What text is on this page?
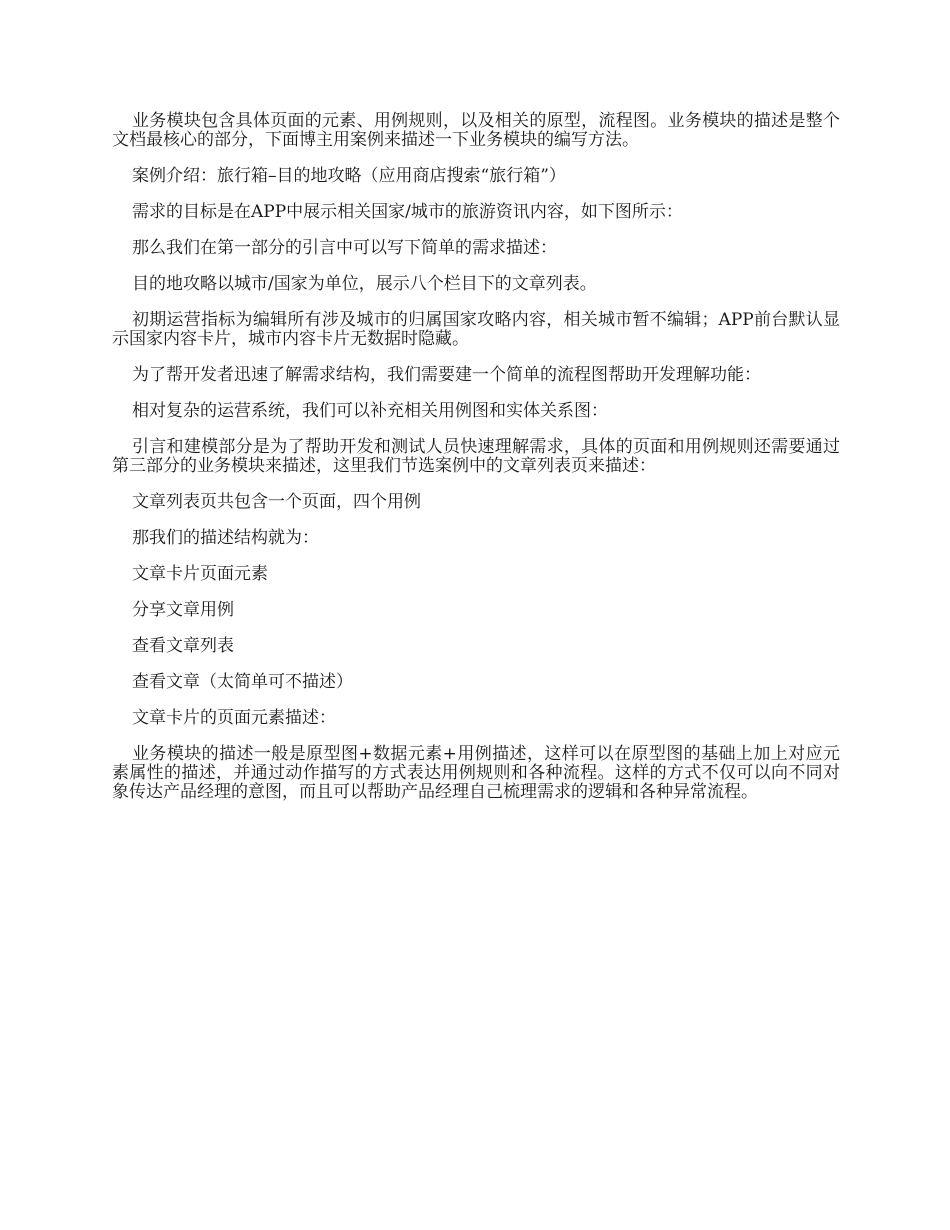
业务模块包含具体页面的元素、用例规则，以及相关的原型，流程图。业务模块的描述是整个文档最核心的部分，下面博主用案例来描述一下业务模块的编写方法。

案例介绍：旅行箱–目的地攻略（应用商店搜索“旅行箱”）

需求的目标是在APP中展示相关国家/城市的旅游资讯内容，如下图所示：

那么我们在第一部分的引言中可以写下简单的需求描述：

目的地攻略以城市/国家为单位，展示八个栏目下的文章列表。

初期运营指标为编辑所有涉及城市的归属国家攻略内容，相关城市暂不编辑；APP前台默认显示国家内容卡片，城市内容卡片无数据时隐藏。

为了帮开发者迅速了解需求结构，我们需要建一个简单的流程图帮助开发理解功能：

相对复杂的运营系统，我们可以补充相关用例图和实体关系图：

引言和建模部分是为了帮助开发和测试人员快速理解需求，具体的页面和用例规则还需要通过第三部分的业务模块来描述，这里我们节选案例中的文章列表页来描述：

文章列表页共包含一个页面，四个用例

那我们的描述结构就为：

文章卡片页面元素

分享文章用例

查看文章列表

查看文章（太简单可不描述）

文章卡片的页面元素描述：

业务模块的描述一般是原型图+数据元素+用例描述，这样可以在原型图的基础上加上对应元素属性的描述，并通过动作描写的方式表达用例规则和各种流程。这样的方式不仅可以向不同对象传达产品经理的意图，而且可以帮助产品经理自己梳理需求的逻辑和各种异常流程。
